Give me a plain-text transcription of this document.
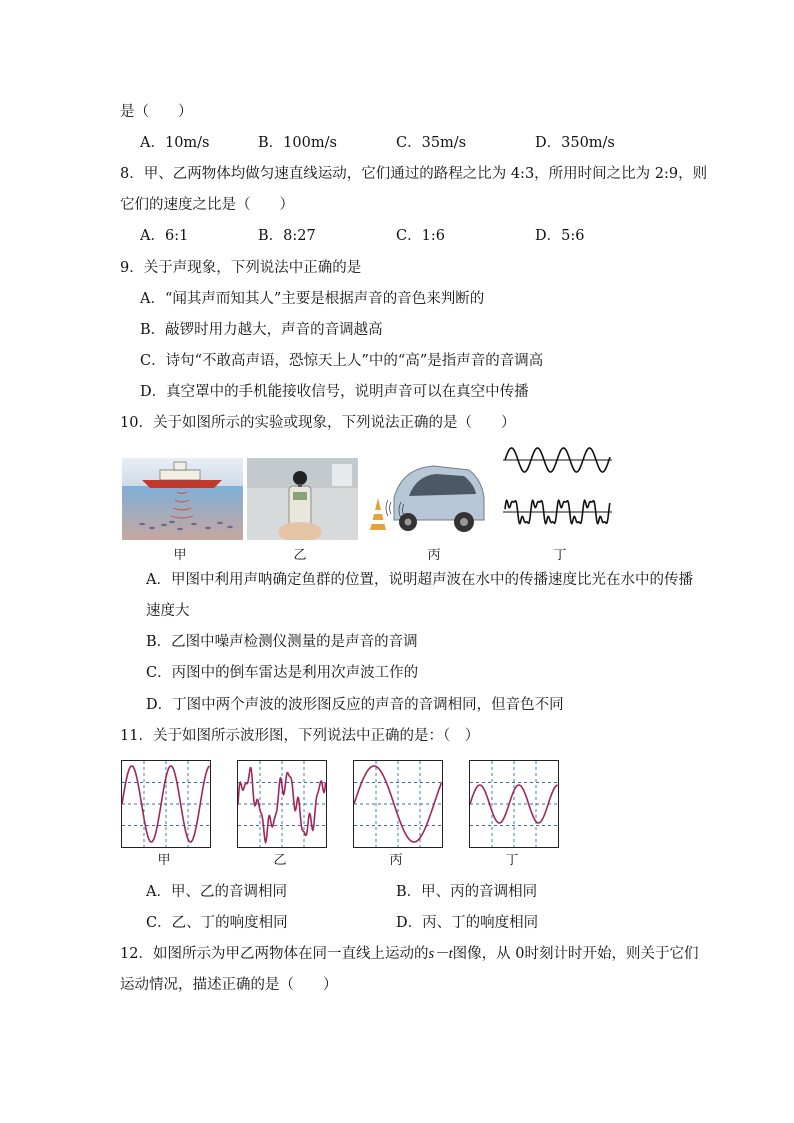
是（　　）
A．10m/s	B．100m/s	C．35m/s	D．350m/s
8．甲、乙两物体均做匀速直线运动，它们通过的路程之比为 4:3，所用时间之比为 2:9，则
它们的速度之比是（　　）
A．6:1	B．8:27	C．1:6	D．5:6
9．关于声现象，下列说法中正确的是
A．“闻其声而知其人”主要是根据声音的音色来判断的
B．敲锣时用力越大，声音的音调越高
C．诗句“不敢高声语，恐惊天上人”中的“高”是指声音的音调高
D．真空罩中的手机能接收信号，说明声音可以在真空中传播
10．关于如图所示的实验或现象，下列说法正确的是（　　）
甲	乙	丙	丁
A．甲图中利用声呐确定鱼群的位置，说明超声波在水中的传播速度比光在水中的传播
速度大
B．乙图中噪声检测仪测量的是声音的音调
C．丙图中的倒车雷达是利用次声波工作的
D．丁图中两个声波的波形图反应的声音的音调相同，但音色不同
11．关于如图所示波形图，下列说法中正确的是：（　）
甲	乙	丙	丁
A．甲、乙的音调相同	B．甲、丙的音调相同
C．乙、丁的响度相同	D．丙、丁的响度相同
12．如图所示为甲乙两物体在同一直线上运动的s－t图像，从 0时刻计时开始，则关于它们
运动情况，描述正确的是（　　）
